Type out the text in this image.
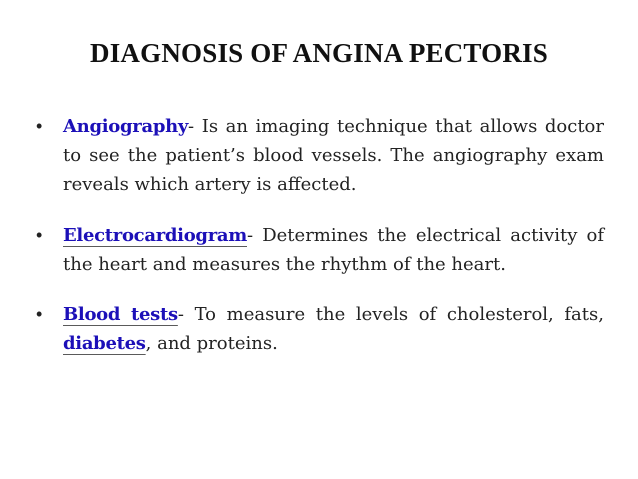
DIAGNOSIS OF ANGINA PECTORIS
• Angiography- Is an imaging technique that allows doctor to see the patient’s blood vessels. The angiography exam reveals which artery is affected.
• Electrocardiogram- Determines the electrical activity of the heart and measures the rhythm of the heart.
• Blood tests- To measure the levels of cholesterol, fats, diabetes, and proteins.
